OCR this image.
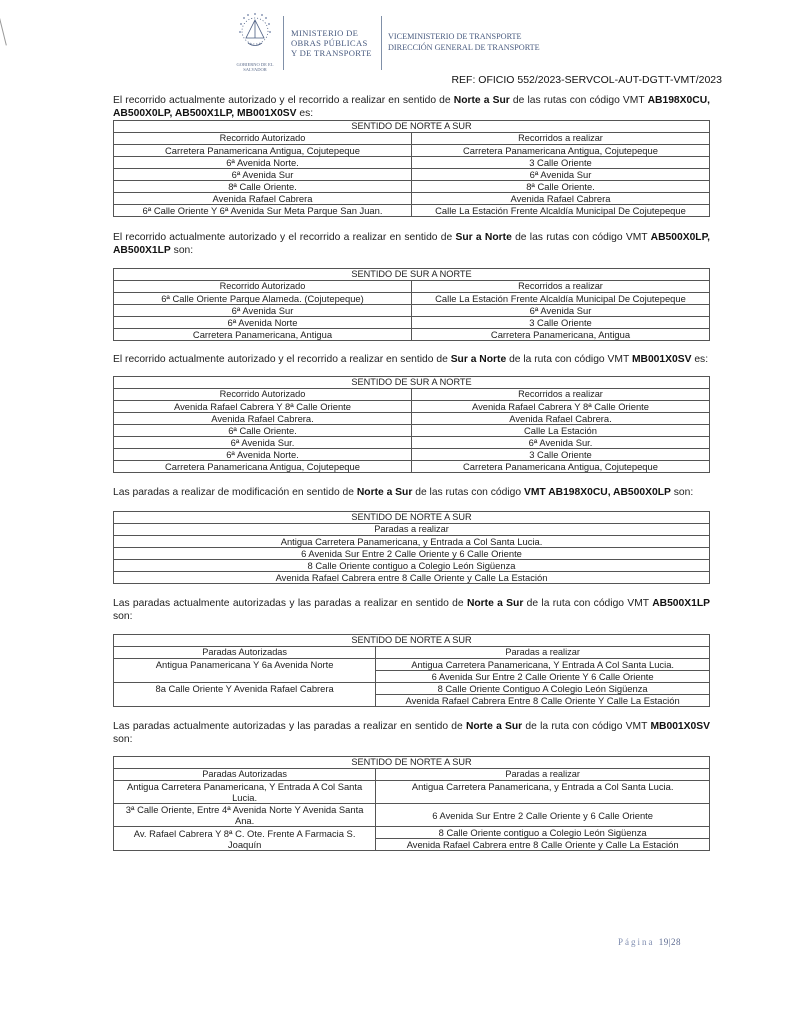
GOBIERNO DE EL SALVADOR
MINISTERIO DE
OBRAS PÚBLICAS
Y DE TRANSPORTE
VICEMINISTERIO DE TRANSPORTE
DIRECCIÓN GENERAL DE TRANSPORTE
REF: OFICIO 552/2023-SERVCOL-AUT-DGTT-VMT/2023

El recorrido actualmente autorizado y el recorrido a realizar en sentido de Norte a Sur de las rutas con código VMT AB198X0CU, AB500X0LP, AB500X1LP, MB001X0SV es:

SENTIDO DE NORTE A SUR	
Recorrido Autorizado	Recorridos a realizar
Carretera Panamericana Antigua, Cojutepeque	Carretera Panamericana Antigua, Cojutepeque
6ª Avenida Norte.	3 Calle Oriente
6ª Avenida Sur	6ª Avenida Sur
8ª Calle Oriente.	8ª Calle Oriente.
Avenida Rafael Cabrera	Avenida Rafael Cabrera
6ª Calle Oriente Y 6ª Avenida Sur Meta Parque San Juan.	Calle La Estación Frente Alcaldía Municipal De Cojutepeque

El recorrido actualmente autorizado y el recorrido a realizar en sentido de Sur a Norte de las rutas con código VMT AB500X0LP, AB500X1LP son:

SENTIDO DE SUR A NORTE	
Recorrido Autorizado	Recorridos a realizar
6ª Calle Oriente Parque Alameda. (Cojutepeque)	Calle La Estación Frente Alcaldía Municipal De Cojutepeque
6ª Avenida Sur	6ª Avenida Sur
6ª Avenida Norte	3 Calle Oriente
Carretera Panamericana, Antigua	Carretera Panamericana, Antigua

El recorrido actualmente autorizado y el recorrido a realizar en sentido de Sur a Norte de la ruta con código VMT MB001X0SV es:

SENTIDO DE SUR A NORTE	
Recorrido Autorizado	Recorridos a realizar
Avenida Rafael Cabrera Y 8ª Calle Oriente	Avenida Rafael Cabrera Y 8ª Calle Oriente
Avenida Rafael Cabrera.	Avenida Rafael Cabrera.
6ª Calle Oriente.	Calle La Estación
6ª Avenida Sur.	6ª Avenida Sur.
6ª Avenida Norte.	3 Calle Oriente
Carretera Panamericana Antigua, Cojutepeque	Carretera Panamericana Antigua, Cojutepeque

Las paradas a realizar de modificación en sentido de Norte a Sur de las rutas con código VMT AB198X0CU, AB500X0LP son:

SENTIDO DE NORTE A SUR
Paradas a realizar
Antigua Carretera Panamericana, y Entrada a Col Santa Lucia.
6 Avenida Sur Entre 2 Calle Oriente y 6 Calle Oriente
8 Calle Oriente contiguo a Colegio León Sigüenza
Avenida Rafael Cabrera entre 8 Calle Oriente y Calle La Estación

Las paradas actualmente autorizadas y las paradas a realizar en sentido de Norte a Sur de la ruta con código VMT AB500X1LP son:

SENTIDO DE NORTE A SUR	
Paradas Autorizadas	Paradas a realizar
Antigua Panamericana Y 6a Avenida Norte	Antigua Carretera Panamericana, Y Entrada A Col Santa Lucia.
	6 Avenida Sur Entre 2 Calle Oriente Y 6 Calle Oriente
8a Calle Oriente Y Avenida Rafael Cabrera	8 Calle Oriente Contiguo A Colegio León Sigüenza
	Avenida Rafael Cabrera Entre 8 Calle Oriente Y Calle La Estación

Las paradas actualmente autorizadas y las paradas a realizar en sentido de Norte a Sur de la ruta con código VMT MB001X0SV son:

SENTIDO DE NORTE A SUR	
Paradas Autorizadas	Paradas a realizar
Antigua Carretera Panamericana, Y Entrada A Col Santa Lucia.	Antigua Carretera Panamericana, y Entrada a Col Santa Lucia.
3ª Calle Oriente, Entre 4ª Avenida Norte Y Avenida Santa Ana.	6 Avenida Sur Entre 2 Calle Oriente y 6 Calle Oriente
Av. Rafael Cabrera Y 8ª C. Ote. Frente A Farmacia S. Joaquín	8 Calle Oriente contiguo a Colegio León Sigüenza
	Avenida Rafael Cabrera entre 8 Calle Oriente y Calle La Estación
Página 19|28
